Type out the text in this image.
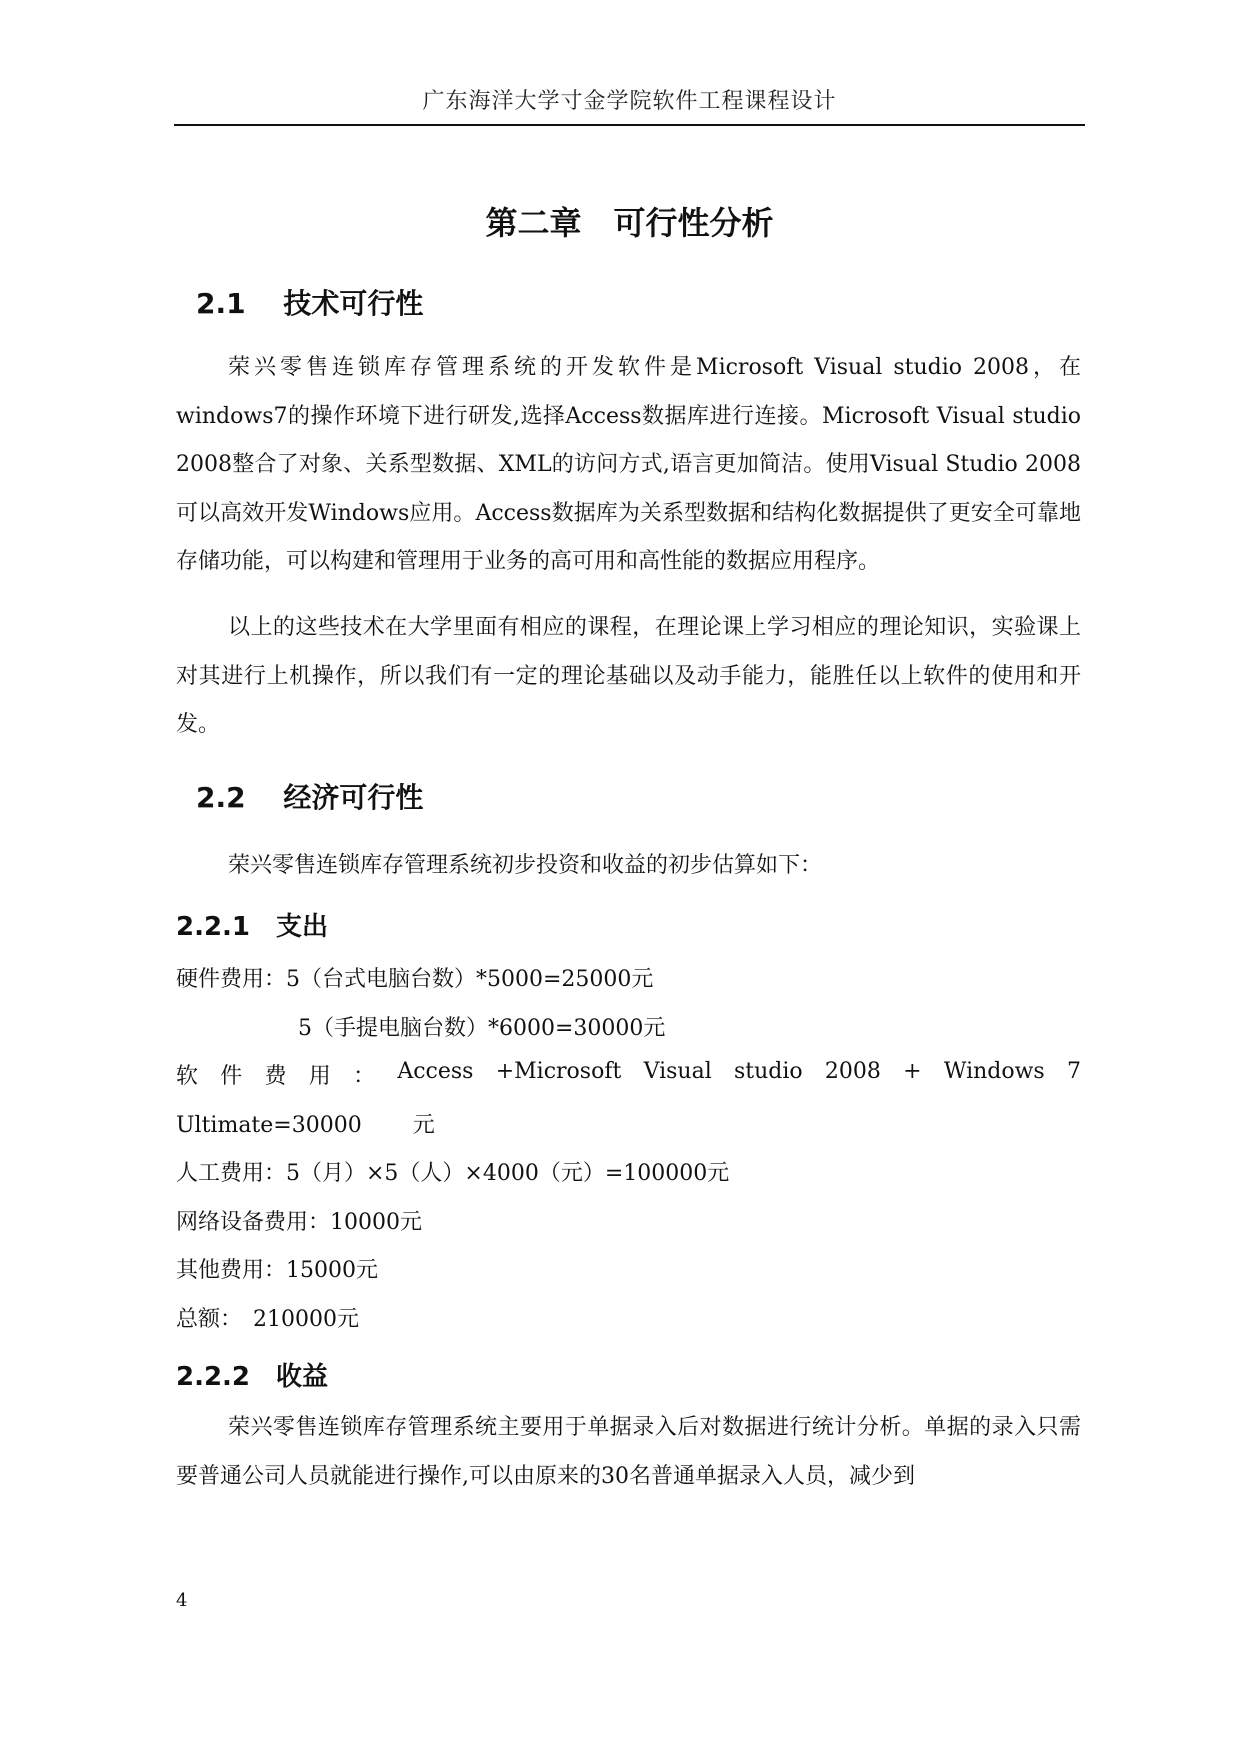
广东海洋大学寸金学院软件工程课程设计
第二章　可行性分析
2.1　 技术可行性
荣兴零售连锁库存管理系统的开发软件是Microsoft Visual studio 2008，在windows7的操作环境下进行研发,选择Access数据库进行连接。Microsoft Visual studio 2008整合了对象、关系型数据、XML的访问方式,语言更加简洁。使用Visual Studio 2008可以高效开发Windows应用。Access数据库为关系型数据和结构化数据提供了更安全可靠地存储功能，可以构建和管理用于业务的高可用和高性能的数据应用程序。
以上的这些技术在大学里面有相应的课程，在理论课上学习相应的理论知识，实验课上对其进行上机操作，所以我们有一定的理论基础以及动手能力，能胜任以上软件的使用和开发。
2.2　 经济可行性
荣兴零售连锁库存管理系统初步投资和收益的初步估算如下：
2.2.1　支出
硬件费用：5（台式电脑台数）*5000=25000元
5（手提电脑台数）*6000=30000元
软 件 费 用 ： Access +Microsoft Visual studio 2008 + Windows 7
Ultimate=30000　　 元
人工费用：5（月）×5（人）×4000（元）=100000元
网络设备费用：10000元
其他费用：15000元
总额：　210000元
2.2.2　收益
荣兴零售连锁库存管理系统主要用于单据录入后对数据进行统计分析。单据的录入只需要普通公司人员就能进行操作,可以由原来的30名普通单据录入人员，减少到
4
